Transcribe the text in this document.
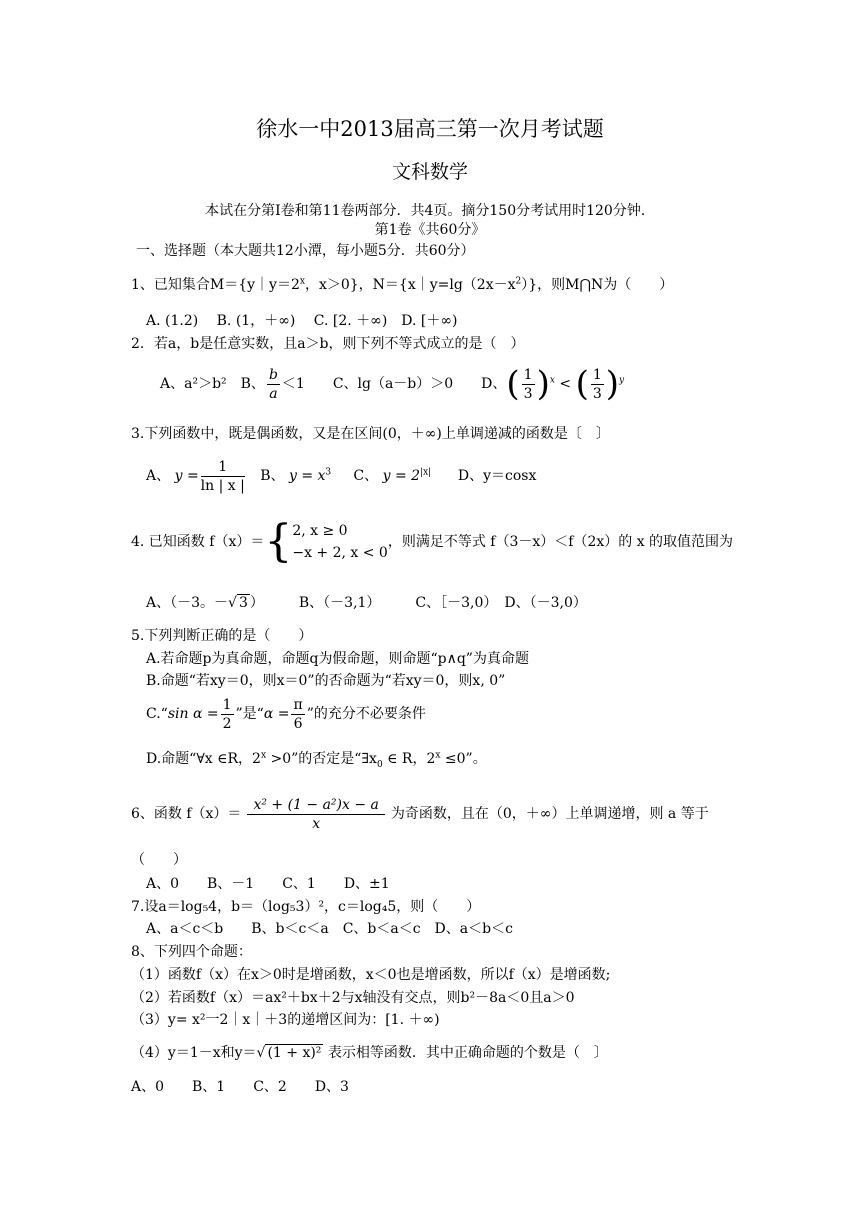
徐水一中2013届高三第一次月考试题
文科数学
本试在分第I卷和第11卷两部分．共4页。摘分150分考试用时120分钟．
第1卷《共60分》
一、选择题（本大题共12小潭，每小题5分．共60分）
1、已知集合$M=\{y|y=2^x$，x＞0}，$N=\{x|y=\lg(2x-x^2)\}$，则M⋂N为（　　）
A. (1.2)　 B. (1，＋∞)　 C. [2. ＋∞)　D. [＋∞)
2．若a，b是任意实数，且a＞b，则下列不等式成立的是（　）
A、a²＞b²　B、 $\frac{b}{a} <1$　　C、lg（a－b）＞0　　D、( $\frac{1}{3} )^x$ < ( $\frac{1}{3} )^y$
3.下列函数中，既是偶函数，又是在区间(0，＋∞)上单调递减的函数是〔　〕
A、 $y = \frac{1}{\ln | x |}$ B、 $y = x^3$ C、 $y = 2^{|x|}$ D、y＝cosx
4. 已知函数 f（x）＝{ 2, x ≥ 0
−x + 2, x < 0
，则满足不等式 f（3－x）＜f（2x）的 x 的取值范围为
A、（－3。－√ 3 ）　　　B、（－3,1）　　　C、［－3,0）　D、（－3,0）
5.下列判断正确的是（　　）
A.若命题p为真命题，命题q为假命题，则命题“p∧q”为真命题
B.命题“若xy＝0，则x＝0”的否命题为“若xy＝0，则x, 0”
C.“sin $\alpha = \frac{1}{2}$ ”是“$\alpha = \frac{\pi}{6}$ ”的充分不必要条件
D.命题“∀x ∈R，$2^x >0$”的否定是“$\exists x_0$ ∈ R，$2^x \le 0$”。
6、函数 $f(x)= \frac{\text{x² + (1 − a²)x − a}}{x}$ 为奇函数，且在（0，＋∞）上单调递增，则 a 等于
（　　）
A、0　　B、－1　　C、1　　D、±1
7.设a＝log₅4，b＝（log₅3）²，c＝log₄5，则（　　）
A、a＜c＜b　　B、b＜c＜a　C、b＜a＜c　D、a＜b＜c
8、下列四个命题：
（1）函数f（x）在x＞0时是增函数，x＜0也是增函数，所以f（x）是增函数;
（2）若函数f（x）＝ax²＋bx＋2与x轴没有交点，则b²－8a＜0且a＞0
（3）y= x²一2｜x｜＋3的递增区间为：[1. ＋∞)
（4）y＝1－x和y＝√ (1 + x)² 表示相等函数．其中正确命题的个数是（　〕
A、0　　B、1　　C、2　　D、3
